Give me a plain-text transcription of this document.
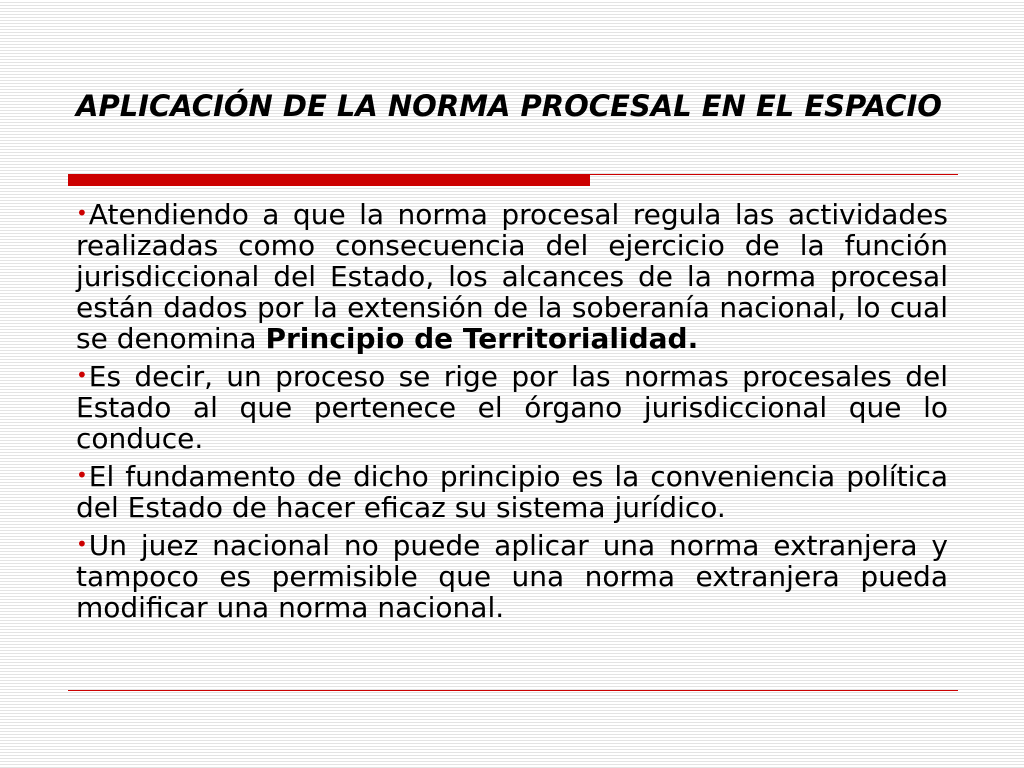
APLICACIÓN DE LA NORMA PROCESAL EN EL ESPACIO
•Atendiendo a que la norma procesal regula las actividades realizadas como consecuencia del ejercicio de la función jurisdiccional del Estado, los alcances de la norma procesal están dados por la extensión de la soberanía nacional, lo cual se denomina Principio de Territorialidad.
•Es decir, un proceso se rige por las normas procesales del Estado al que pertenece el órgano jurisdiccional que lo conduce.
•El fundamento de dicho principio es la conveniencia política del Estado de hacer eficaz su sistema jurídico.
•Un juez nacional no puede aplicar una norma extranjera y tampoco es permisible que una norma extranjera pueda modificar una norma nacional.
